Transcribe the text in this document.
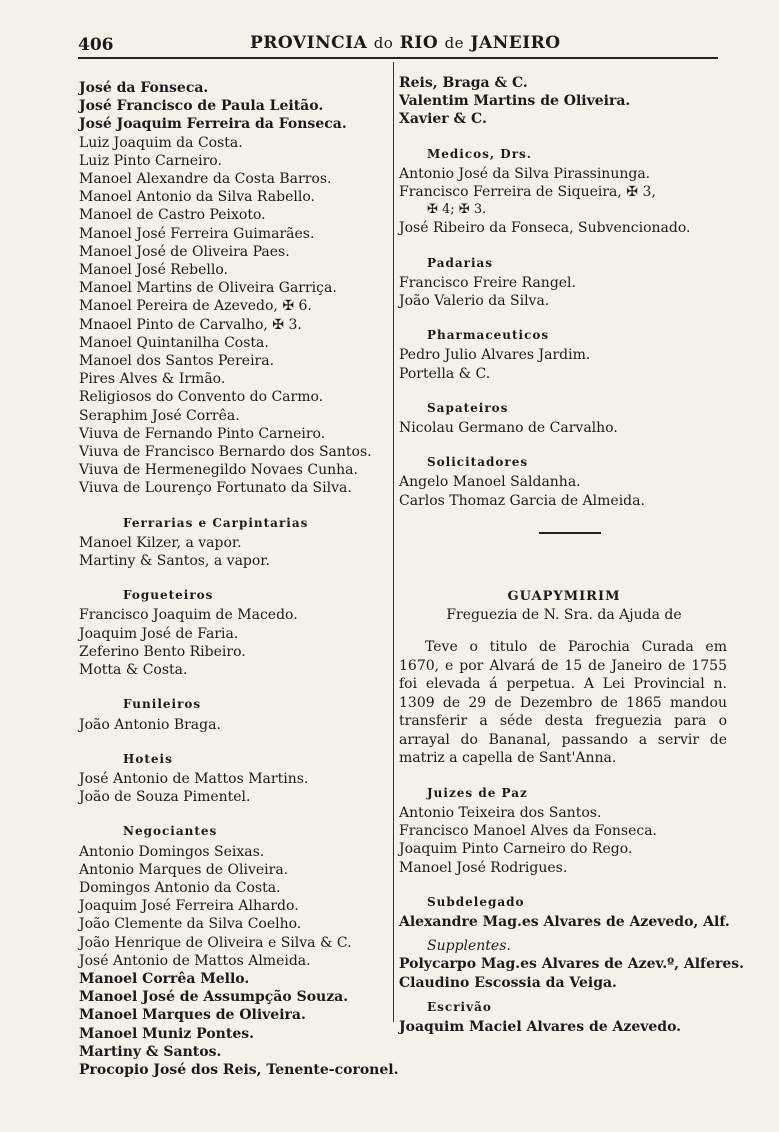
406	PROVINCIA do RIO de JANEIRO
José da Fonseca.
José Francisco de Paula Leitão.
José Joaquim Ferreira da Fonseca.
Luiz Joaquim da Costa.
Luiz Pinto Carneiro.
Manoel Alexandre da Costa Barros.
Manoel Antonio da Silva Rabello.
Manoel de Castro Peixoto.
Manoel José Ferreira Guimarães.
Manoel José de Oliveira Paes.
Manoel José Rebello.
Manoel Martins de Oliveira Garriça.
Manoel Pereira de Azevedo, ✠ 6.
Mnaoel Pinto de Carvalho, ✠ 3.
Manoel Quintanilha Costa.
Manoel dos Santos Pereira.
Pires Alves & Irmão.
Religiosos do Convento do Carmo.
Seraphim José Corrêa.
Viuva de Fernando Pinto Carneiro.
Viuva de Francisco Bernardo dos Santos.
Viuva de Hermenegildo Novaes Cunha.
Viuva de Lourenço Fortunato da Silva.
Ferrarias e Carpintarias
Manoel Kilzer, a vapor.
Martiny & Santos, a vapor.
Fogueteiros
Francisco Joaquim de Macedo.
Joaquim José de Faria.
Zeferino Bento Ribeiro.
Motta & Costa.
Funileiros
João Antonio Braga.
Hoteis
José Antonio de Mattos Martins.
João de Souza Pimentel.
Negociantes
Antonio Domingos Seixas.
Antonio Marques de Oliveira.
Domingos Antonio da Costa.
Joaquim José Ferreira Alhardo.
João Clemente da Silva Coelho.
João Henrique de Oliveira e Silva & C.
José Antonio de Mattos Almeida.
Manoel Corrêa Mello.
Manoel José de Assumpção Souza.
Manoel Marques de Oliveira.
Manoel Muniz Pontes.
Martiny & Santos.
Procopio José dos Reis, Tenente-coronel.
Reis, Braga & C.
Valentim Martins de Oliveira.
Xavier & C.
Medicos, Drs.
Antonio José da Silva Pirassinunga.
Francisco Ferreira de Siqueira, ✠ 3,
✠ 4; ✠ 3.
José Ribeiro da Fonseca, Subvencionado.
Padarias
Francisco Freire Rangel.
João Valerio da Silva.
Pharmaceuticos
Pedro Julio Alvares Jardim.
Portella & C.
Sapateiros
Nicolau Germano de Carvalho.
Solicitadores
Angelo Manoel Saldanha.
Carlos Thomaz Garcia de Almeida.
GUAPYMIRIM
Freguezia de N. Sra. da Ajuda de
Teve o titulo de Parochia Curada em 1670, e por Alvará de 15 de Janeiro de 1755 foi elevada á perpetua. A Lei Provincial n. 1309 de 29 de Dezembro de 1865 mandou transferir a séde desta freguezia para o arrayal do Bananal, passando a servir de matriz a capella de Sant'Anna.
Juizes de Paz
Antonio Teixeira dos Santos.
Francisco Manoel Alves da Fonseca.
Joaquim Pinto Carneiro do Rego.
Manoel José Rodrigues.
Subdelegado
Alexandre Mag.es Alvares de Azevedo, Alf.
Supplentes.
Polycarpo Mag.es Alvares de Azev.º, Alferes.
Claudino Escossia da Veiga.
Escrivão
Joaquim Maciel Alvares de Azevedo.
